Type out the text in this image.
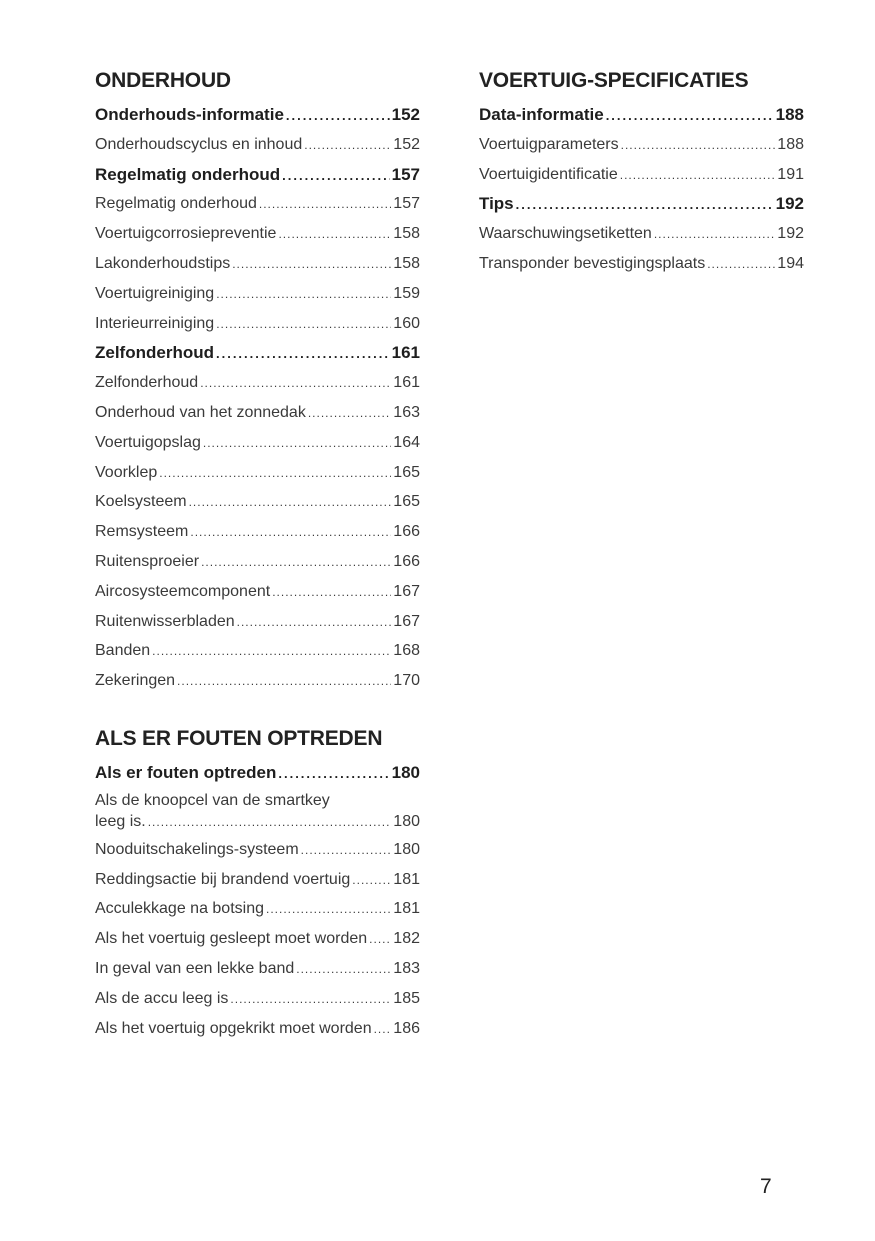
ONDERHOUD
Onderhouds-informatie .....	152
Onderhoudscyclus en inhoud .....	152
Regelmatig onderhoud .....	157
Regelmatig onderhoud .....	157
Voertuigcorrosiepreventie .....	158
Lakonderhoudstips .....	158
Voertuigreiniging .....	159
Interieurreiniging .....	160
Zelfonderhoud .....	161
Zelfonderhoud .....	161
Onderhoud van het zonnedak .....	163
Voertuigopslag .....	164
Voorklep .....	165
Koelsysteem .....	165
Remsysteem .....	166
Ruitensproeier .....	166
Aircosysteemcomponent .....	167
Ruitenwisserbladen .....	167
Banden .....	168
Zekeringen .....	170
ALS ER FOUTEN OPTREDEN
Als er fouten optreden .....	180
Als de knoopcel van de smartkey
leeg is. .....	180
Nooduitschakelings-systeem .....	180
Reddingsactie bij brandend voertuig .....	181
Acculekkage na botsing .....	181
Als het voertuig gesleept moet worden ..... 182
In geval van een lekke band .....	183
Als de accu leeg is .....	185
Als het voertuig opgekrikt moet worden ..... 186
VOERTUIG-SPECIFICATIES
Data-informatie .....	188
Voertuigparameters .....	188
Voertuigidentificatie .....	191
Tips .....	192
Waarschuwingsetiketten .....	192
Transponder bevestigingsplaats .....	194
7
